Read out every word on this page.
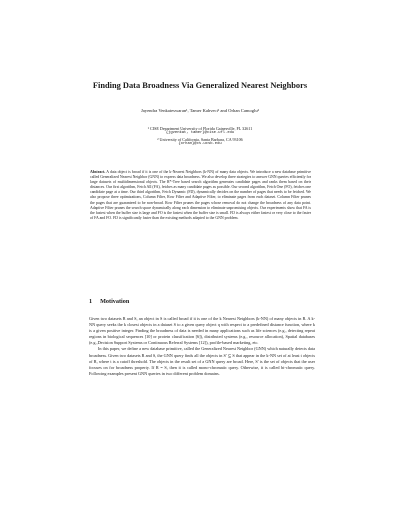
Finding Data Broadness Via Generalized Nearest Neighbors
Jayendra Venkateswaran¹, Tamer Kahveci¹ and Orhan Camoglu²
¹ CISE Department University of Florida Gainesville, FL 32611
{jgvenkat, tamer}@cise.ufl.edu
² University of California, Santa Barbara, CA 93106
{orhan}@cs.ucsb.edu
Abstract. A data object is broad if it is one of the k-Nearest Neighbors (k-NN) of many data objects. We introduce a new database primitive called Generalized Nearest Neighbor (GNN) to express data broadness. We also develop three strategies to answer GNN queries efficiently for large datasets of multidimensional objects. The R*-Tree based search algorithm generates candidate pages and ranks them based on their distances. Our first algorithm, Fetch All (FA), fetches as many candidate pages as possible. Our second algorithm, Fetch One (FO), fetches one candidate page at a time. Our third algorithm, Fetch Dynamic (FD), dynamically decides on the number of pages that needs to be fetched. We also propose three optimizations, Column Filter, Row Filter and Adaptive Filter, to eliminate pages from each dataset. Column Filter prunes the pages that are guaranteed to be non-broad. Row Filter prunes the pages whose removal do not change the broadness of any data point. Adaptive Filter prunes the search space dynamically along each dimension to eliminate unpromising objects. Our experiments show that FA is the fastest when the buffer size is large and FO is the fastest when the buffer size is small. FD is always either fastest or very close to the faster of FA and FO. FD is significantly faster than the existing methods adapted to the GNN problem.
1 Motivation

Given two datasets R and S, an object in S is called broad if it is one of the k Nearest Neighbors (k-NN) of many objects in R. A k-NN query seeks the k closest objects in a dataset S to a given query object q with respect to a predefined distance function, where k is a given positive integer. Finding the broadness of data is needed in many applications such as life sciences (e.g., detecting repeat regions in biological sequences [10] or protein classification [6]), distributed systems (e.g., resource allocation), Spatial databases (e.g.,Decision Support Systems or Continuous Referral Systems [12]), profile-based marketing, etc.

In this paper, we define a new database primitive, called the Generalized Nearest Neighbor (GNN) which naturally detects data broadness. Given two datasets R and S, the GNN query finds all the objects in S' ⊆ S that appear in the k-NN set of at least t objects of R, where t is a cutoff threshold. The objects in the result set of a GNN query are broad. Here, S' is the set of objects that the user focuses on for broadness property. If R = S, then it is called mono-chromatic query. Otherwise, it is called bi-chromatic query. Following examples present GNN queries in two different problem domains.
